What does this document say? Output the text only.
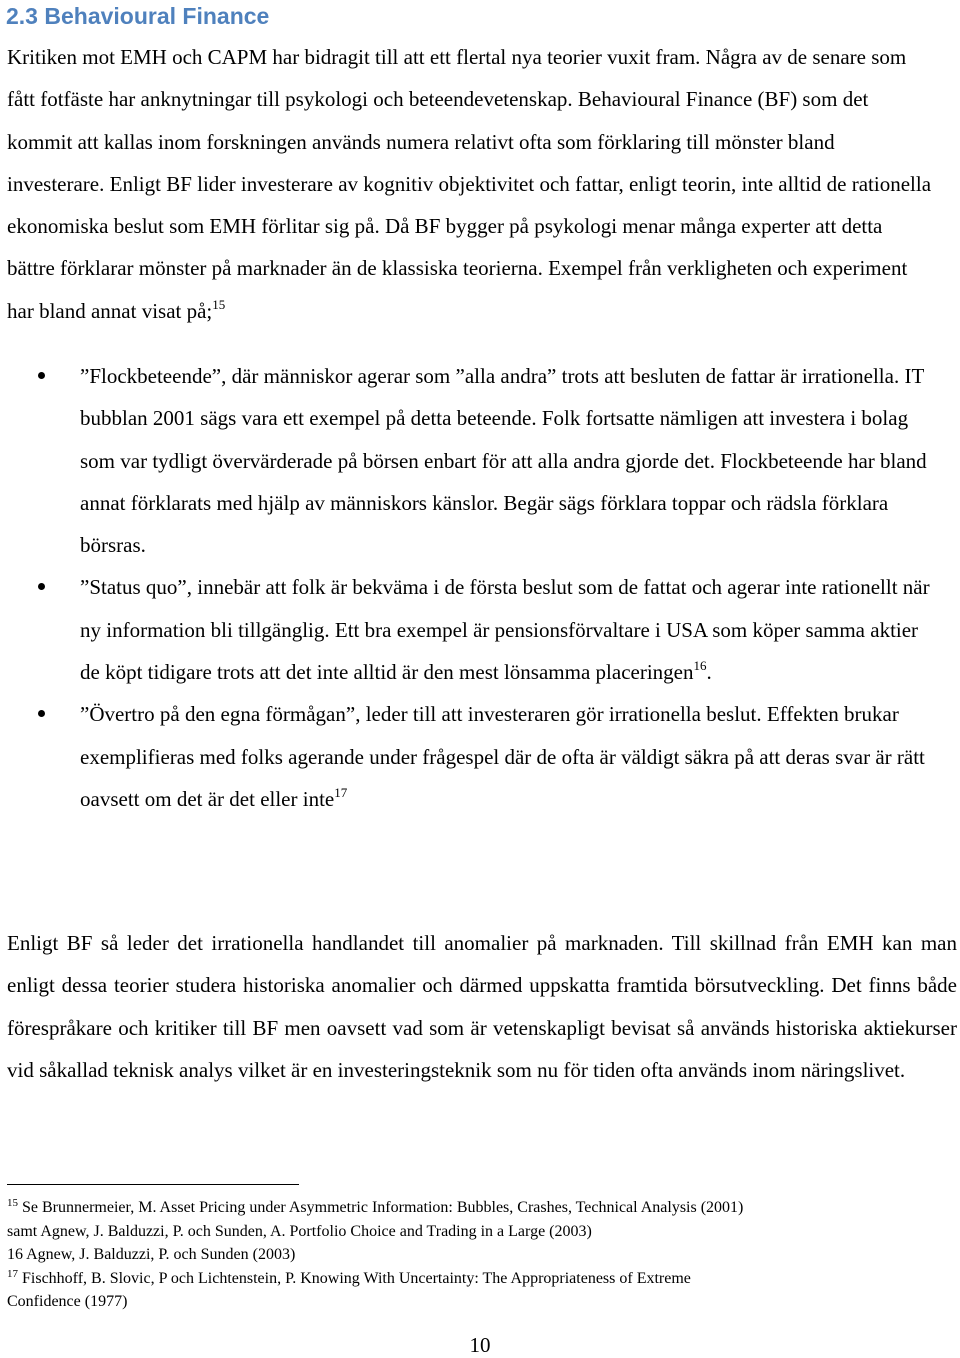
2.3 Behavioural Finance

Kritiken mot EMH och CAPM har bidragit till att ett flertal nya teorier vuxit fram. Några av de senare som fått fotfäste har anknytningar till psykologi och beteendevetenskap. Behavioural Finance (BF) som det kommit att kallas inom forskningen används numera relativt ofta som förklaring till mönster bland investerare. Enligt BF lider investerare av kognitiv objektivitet och fattar, enligt teorin, inte alltid de rationella ekonomiska beslut som EMH förlitar sig på. Då BF bygger på psykologi menar många experter att detta bättre förklarar mönster på marknader än de klassiska teorierna. Exempel från verkligheten och experiment har bland annat visat på;$^{15}$

”Flockbeteende”, där människor agerar som ”alla andra” trots att besluten de fattar är irrationella. IT bubblan 2001 sägs vara ett exempel på detta beteende. Folk fortsatte nämligen att investera i bolag som var tydligt övervärderade på börsen enbart för att alla andra gjorde det. Flockbeteende har bland annat förklarats med hjälp av människors känslor. Begär sägs förklara toppar och rädsla förklara börsras.
”Status quo”, innebär att folk är bekväma i de första beslut som de fattat och agerar inte rationellt när ny information bli tillgänglig. Ett bra exempel är pensionsförvaltare i USA som köper samma aktier de köpt tidigare trots att det inte alltid är den mest lönsamma placeringen$^{16}$.
”Övertro på den egna förmågan”, leder till att investeraren gör irrationella beslut. Effekten brukar exemplifieras med folks agerande under frågespel där de ofta är väldigt säkra på att deras svar är rätt oavsett om det är det eller inte$^{17}$

Enligt BF så leder det irrationella handlandet till anomalier på marknaden. Till skillnad från EMH kan man enligt dessa teorier studera historiska anomalier och därmed uppskatta framtida börsutveckling. Det finns både förespråkare och kritiker till BF men oavsett vad som är vetenskapligt bevisat så används historiska aktiekurser vid såkallad teknisk analys vilket är en investeringsteknik som nu för tiden ofta används inom näringslivet.

$^{15}$ Se Brunnermeier, M. Asset Pricing under Asymmetric Information: Bubbles, Crashes, Technical Analysis (2001)

samt Agnew, J. Balduzzi, P. och Sunden, A. Portfolio Choice and Trading in a Large (2003)

16 Agnew, J. Balduzzi, P. och Sunden (2003)

$^{17}$ Fischhoff, B. Slovic, P och Lichtenstein, P. Knowing With Uncertainty: The Appropriateness of Extreme

Confidence (1977)

10
